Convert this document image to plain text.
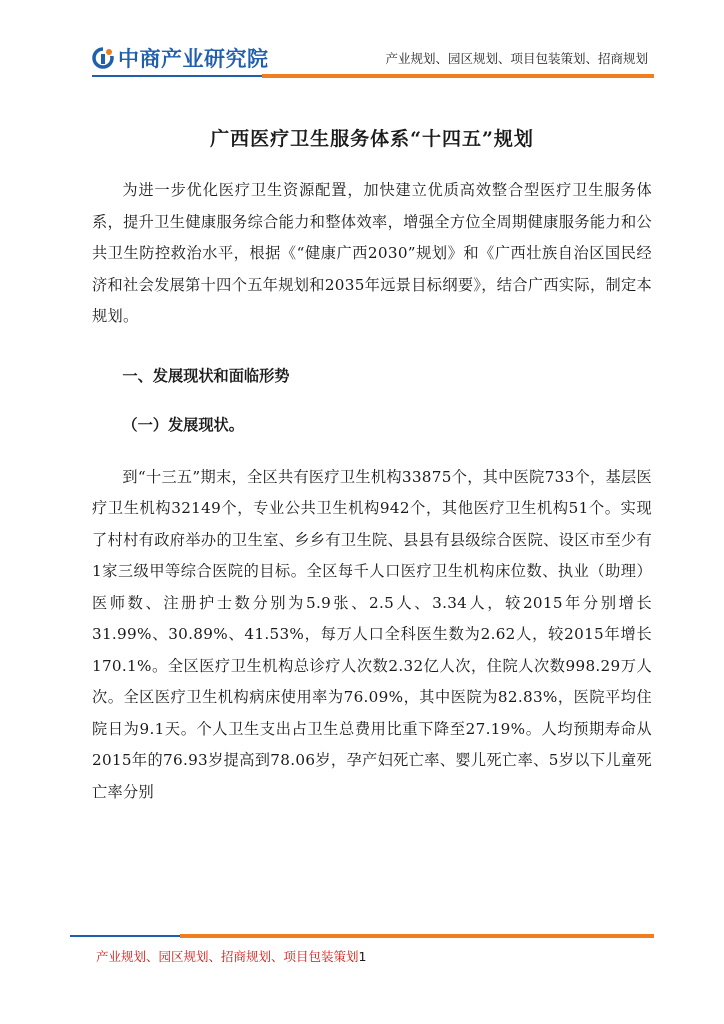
中商产业研究院	产业规划、园区规划、项目包装策划、招商规划
广西医疗卫生服务体系“十四五”规划

为进一步优化医疗卫生资源配置，加快建立优质高效整合型医疗卫生服务体系，提升卫生健康服务综合能力和整体效率，增强全方位全周期健康服务能力和公共卫生防控救治水平，根据《“健康广西2030”规划》和《广西壮族自治区国民经济和社会发展第十四个五年规划和2035年远景目标纲要》，结合广西实际，制定本规划。

一、发展现状和面临形势
（一）发展现状。

到“十三五”期末，全区共有医疗卫生机构33875个，其中医院733个，基层医疗卫生机构32149个，专业公共卫生机构942个，其他医疗卫生机构51个。实现了村村有政府举办的卫生室、乡乡有卫生院、县县有县级综合医院、设区市至少有1家三级甲等综合医院的目标。全区每千人口医疗卫生机构床位数、执业（助理）医师数、注册护士数分别为5.9张、2.5人、3.34人，较2015年分别增长31.99%、30.89%、41.53%，每万人口全科医生数为2.62人，较2015年增长170.1%。全区医疗卫生机构总诊疗人次数2.32亿人次，住院人次数998.29万人次。全区医疗卫生机构病床使用率为76.09%，其中医院为82.83%，医院平均住院日为9.1天。个人卫生支出占卫生总费用比重下降至27.19%。人均预期寿命从2015年的76.93岁提高到78.06岁，孕产妇死亡率、婴儿死亡率、5岁以下儿童死亡率分别

产业规划、园区规划、招商规划、项目包装策划1
